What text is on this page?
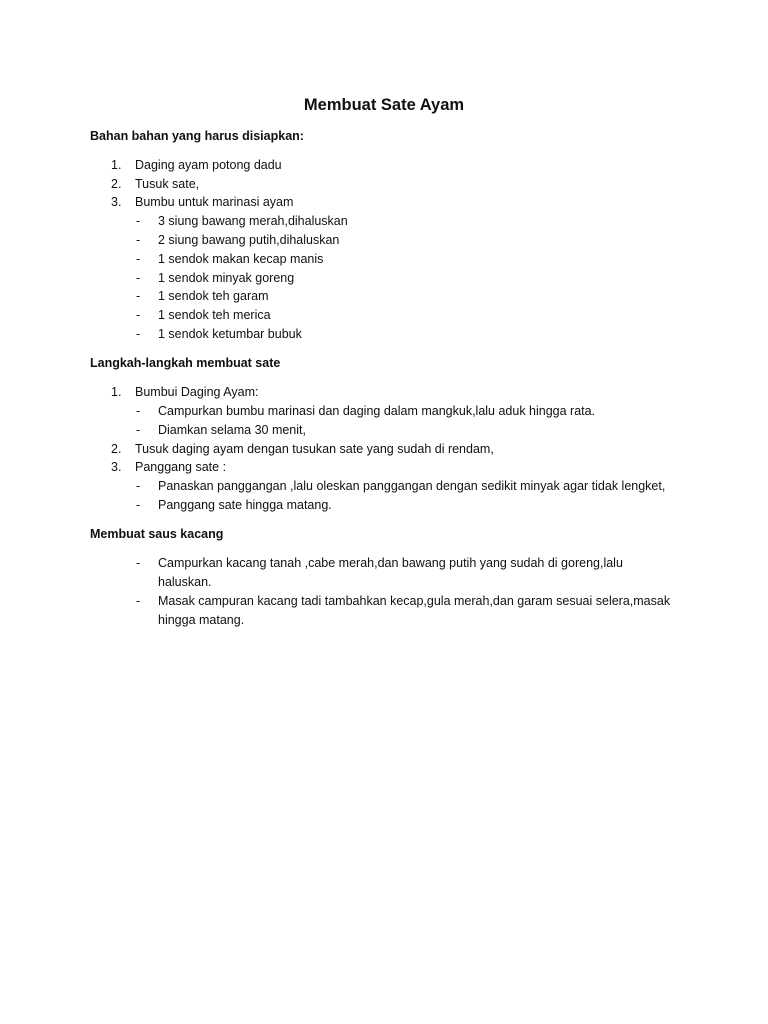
Membuat Sate Ayam
Bahan bahan yang harus disiapkan:
1. Daging ayam potong dadu
2. Tusuk sate,
3. Bumbu untuk marinasi ayam
- 3 siung bawang merah,dihaluskan
- 2 siung bawang putih,dihaluskan
- 1 sendok makan kecap manis
- 1 sendok minyak goreng
- 1 sendok teh garam
- 1 sendok teh merica
- 1 sendok ketumbar bubuk
Langkah-langkah membuat sate
1. Bumbui Daging Ayam:
- Campurkan bumbu marinasi dan daging dalam mangkuk,lalu aduk hingga rata.
- Diamkan selama 30 menit,
2. Tusuk daging ayam dengan tusukan sate yang sudah di rendam,
3. Panggang sate :
- Panaskan panggangan ,lalu oleskan panggangan dengan sedikit minyak agar tidak lengket,
- Panggang sate hingga matang.
Membuat saus kacang
- Campurkan kacang tanah ,cabe merah,dan bawang putih yang sudah di goreng,lalu
haluskan.
- Masak campuran kacang tadi tambahkan kecap,gula merah,dan garam sesuai selera,masak
hingga matang.
